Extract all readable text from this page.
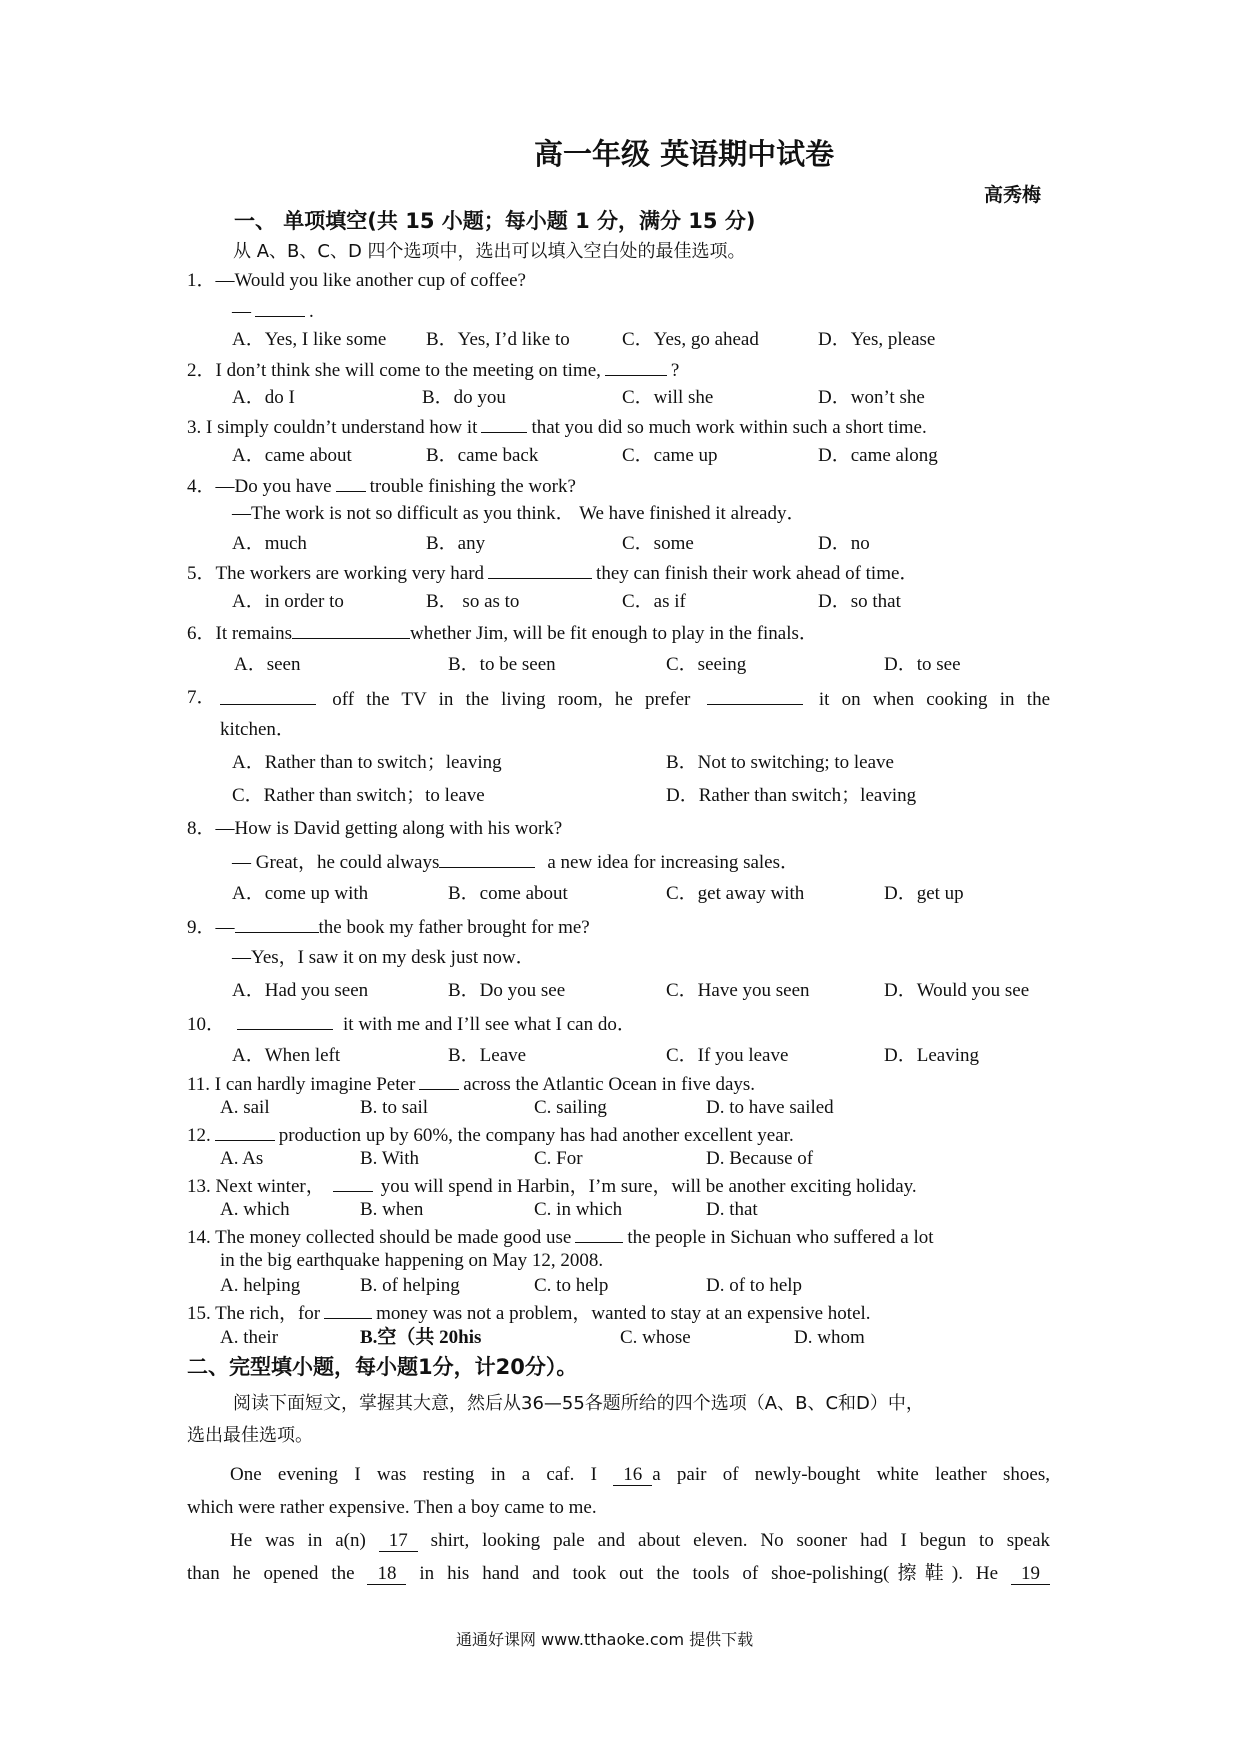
高一年级 英语期中试卷
高秀梅
一、 单项填空(共 15 小题；每小题 1 分，满分 15 分)
从 A、B、C、D 四个选项中，选出可以填入空白处的最佳选项。
1．—Would you like another cup of coffee?
—	.
A．Yes, I like some B．Yes, I’d like to	C．Yes, go ahead	D．Yes, please
2．I don’t think she will come to the meeting on time,	?
A．do I	B．do you	C．will she	D．won’t she
3. I simply couldn’t understand how it	that you did so much work within such a short time.
A．came about	B．came back	C．came up	D．came along
4．—Do you have trouble finishing the work?
—The work is not so difficult as you think． We have finished it already．
A．much	B．any	C．some	D．no
5．The workers are working very hard	they can finish their work ahead of time．
A．in order to	B． so as to	C．as if	D．so that
6．It remains	whether Jim, will be fit enough to play in the finals．
A．seen	B．to be seen	C．seeing	D．to see
7．	off the TV in the living room, he prefer	it on when cooking in the
kitchen．
A．Rather than to switch；leaving	B．Not to switching; to leave
C．Rather than switch；to leave	D．Rather than switch；leaving
8．—How is David getting along with his work?
— Great，he could always	a new idea for increasing sales．
A．come up with	B．come about	C．get away with	D．get up
9．—	the book my father brought for me?
—Yes，I saw it on my desk just now．
A．Had you seen	B．Do you see	C．Have you seen	D．Would you see
10．	it with me and I’ll see what I can do．
A．When left	B．Leave	C．If you leave	D．Leaving
11. I can hardly imagine Peter	across the Atlantic Ocean in five days.
A. sail	B. to sail	C. sailing	D. to have sailed
12.	production up by 60%, the company has had another excellent year.
A. As	B. With	C. For	D. Because of
13. Next winter，	you will spend in Harbin，I’m sure，will be another exciting holiday.
A. which	B. when	C. in which	D. that
14. The money collected should be made good use	the people in Sichuan who suffered a lot
in the big earthquake happening on May 12, 2008.
A. helping	B. of helping	C. to help	D. of to help
15. The rich，for	money was not a problem，wanted to stay at an expensive hotel.
A. their	B.空（共 20his	C. whose	D. whom
二、完型填小题，每小题1分，计20分）。
阅读下面短文，掌握其大意，然后从36—55各题所给的四个选项（A、B、C和D）中，
选出最佳选项。
One evening I was resting in a caf. I 16 a pair of newly-bought white leather shoes,
which were rather expensive. Then a boy came to me.
He was in a(n) 17 shirt, looking pale and about eleven. No sooner had I begun to speak
than he opened the 18 in his hand and took out the tools of shoe-polishing(擦鞋). He 19
通通好课网 www.tthaoke.com 提供下载
